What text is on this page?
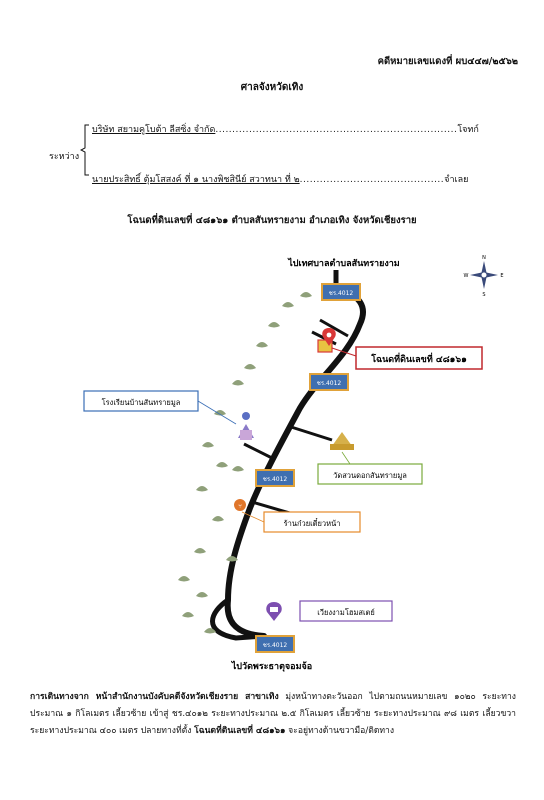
คดีหมายเลขแดงที่ ผบ๔๔๗/๒๕๖๒
ศาลจังหวัดเทิง
ระหว่าง
บริษัท สยามคูโบต้า ลีสซิ่ง จำกัด........................................................................โจทก์
นายประสิทธิ์ ตุ้มโสสงค์ ที่ ๑ นางพิชสินีย์ สวาทนา ที่ ๒...........................................จำเลย
โฉนดที่ดินเลขที่ ๔๘๑๖๑ ตำบลสันทรายงาม อำเภอเทิง จังหวัดเชียงราย
ไปเทศบาลตำบลสันทรายงาม
N
S
E
W
ชร.4012
ชร.4012
ชร.4012
ชร.4012
โฉนดที่ดินเลขที่ ๔๘๑๖๑
โรงเรียนบ้านสันทรายมูล
วัดสวนดอกสันทรายมูล
⑂
ร้านก๋วยเตี๋ยวหน้า
เวียงงามโฮมสเตย์
ไปวัดพระธาตุจอมจ้อ
การเดินทางจาก หน้าสำนักงานบังคับคดีจังหวัดเชียงราย สาขาเทิง มุ่งหน้าทางตะวันออก ไปตามถนนหมายเลข ๑๐๒๐ ระยะทางประมาณ ๑ กิโลเมตร เลี้ยวซ้าย เข้าสู่ ชร.๔๐๑๒ ระยะทางประมาณ ๒.๕ กิโลเมตร เลี้ยวซ้าย ระยะทางประมาณ ๙๘ เมตร เลี้ยวขวา ระยะทางประมาณ ๔๐๐ เมตร ปลายทางที่ตั้ง โฉนดที่ดินเลขที่ ๔๘๑๖๑ จะอยู่ทางด้านขวามือ/ติดทาง
